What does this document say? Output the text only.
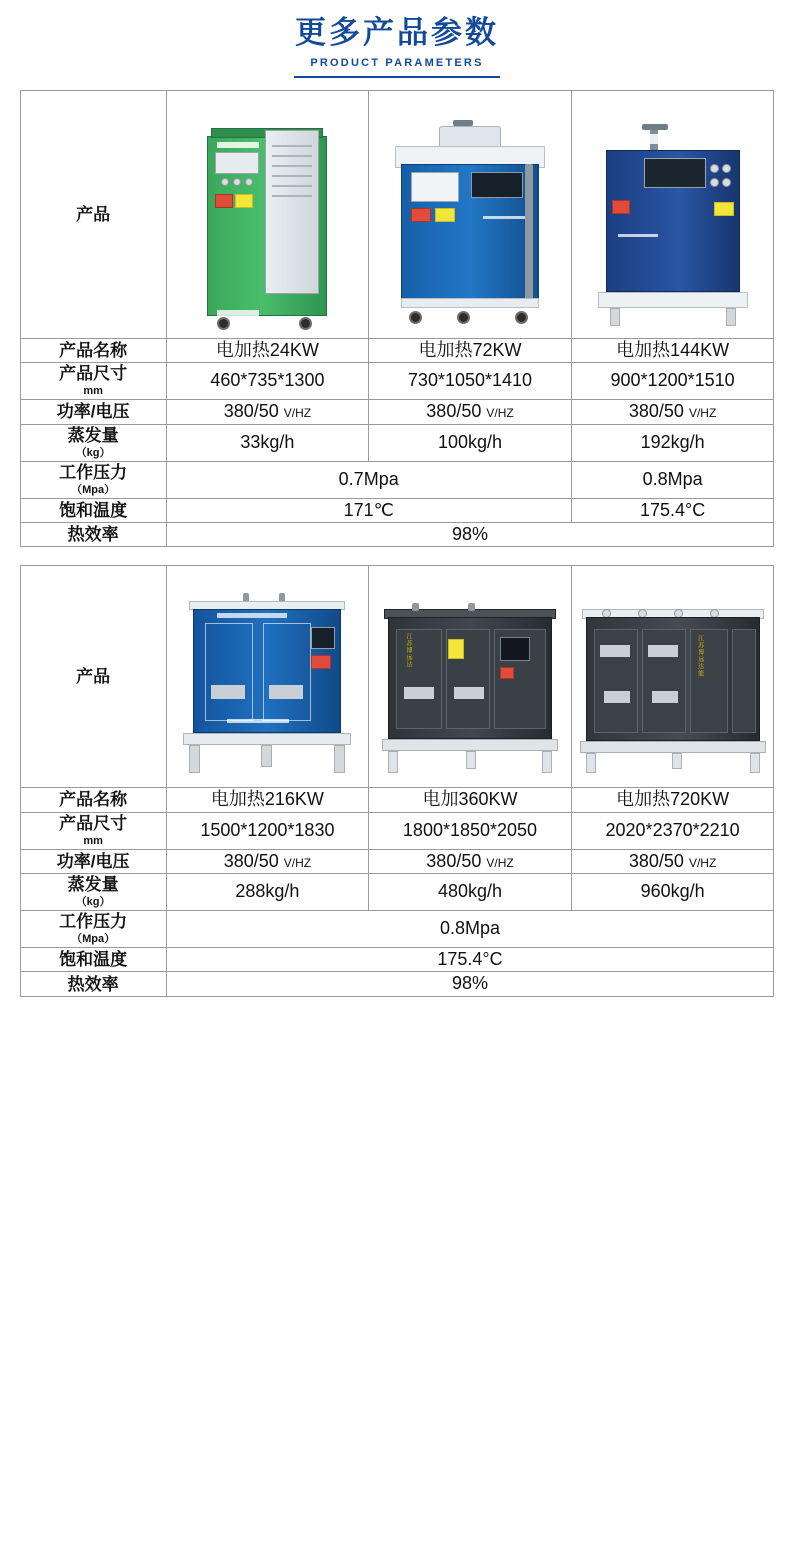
更多产品参数
PRODUCT PARAMETERS
产品	

产品名称	电加热24KW	电加热72KW	电加热144KW
产品尺寸
mm	460*735*1300	730*1050*1410	900*1200*1510
功率/电压	380/50 V/HZ	380/50 V/HZ	380/50 V/HZ
蒸发量
（kg）	33kg/h	100kg/h	192kg/h
工作压力
（Mpa）	0.7Mpa		0.8Mpa
饱和温度	171℃		175.4°C
热效率	98%		
产品		江苏博远达	江苏博远达能

产品名称	电加热216KW	电加360KW	电加热720KW
产品尺寸
mm	1500*1200*1830	1800*1850*2050	2020*2370*2210
功率/电压	380/50 V/HZ	380/50 V/HZ	380/50 V/HZ
蒸发量
（kg）	288kg/h	480kg/h	960kg/h
工作压力
（Mpa）	0.8Mpa		
饱和温度	175.4°C		
热效率	98%		
